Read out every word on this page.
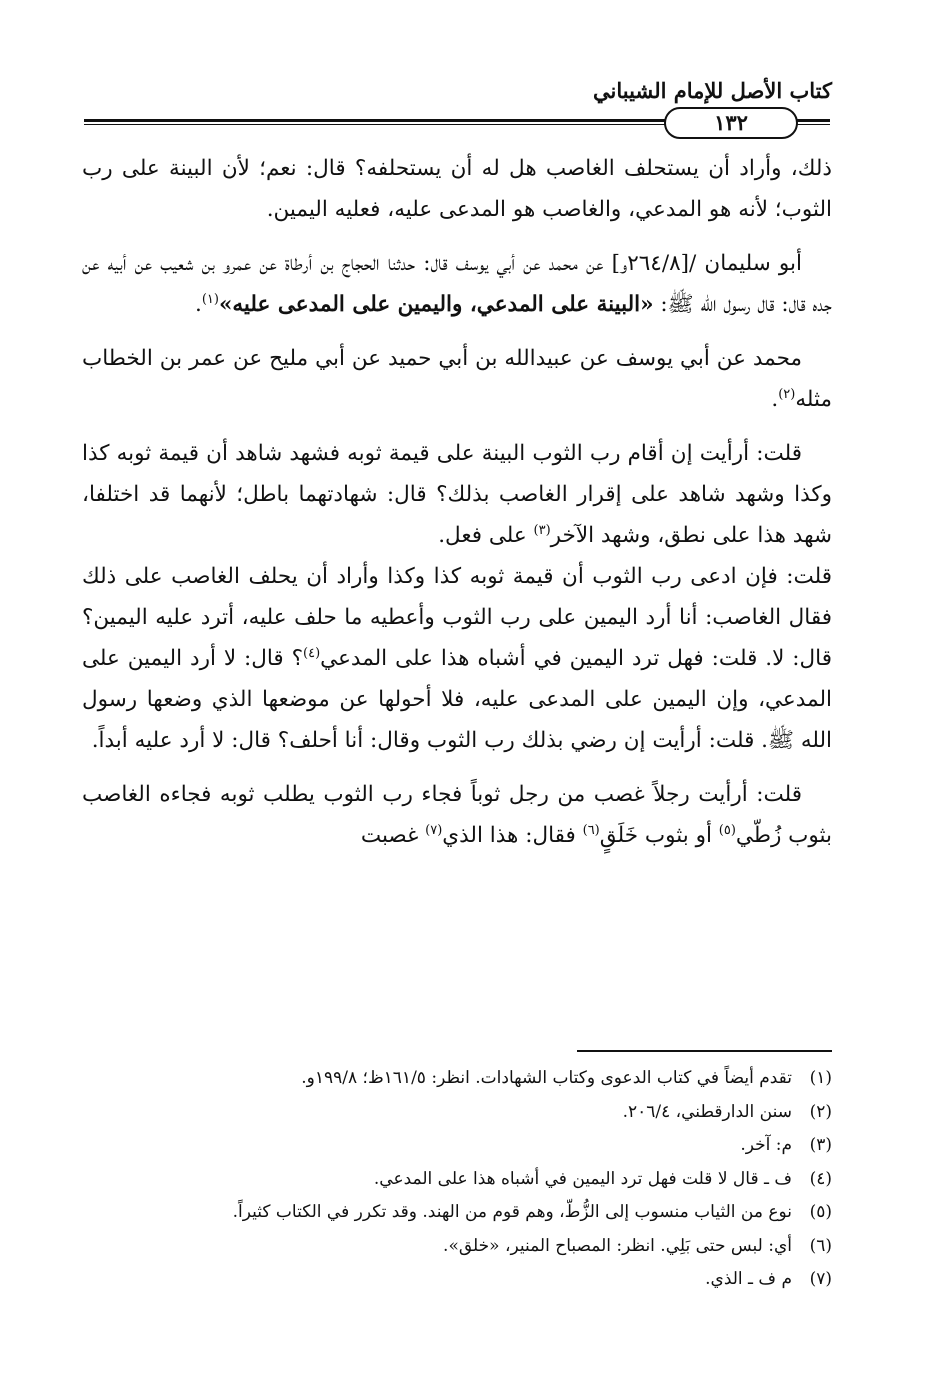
كتاب الأصل للإمام الشيباني
١٣٢

ذلك، وأراد أن يستحلف الغاصب هل له أن يستحلفه؟ قال: نعم؛ لأن البينة على رب الثوب؛ لأنه هو المدعي، والغاصب هو المدعى عليه، فعليه اليمين.

أبو سليمان /[٢٦٤/٨و] عن محمد عن أبي يوسف قال: حدثنا الحجاج بن أرطاة عن عمرو بن شعيب عن أبيه عن جده قال: قال رسول الله ﷺ: «البينة على المدعي، واليمين على المدعى عليه»$^{(١)}$.

محمد عن أبي يوسف عن عبيدالله بن أبي حميد عن أبي مليح عن عمر بن الخطاب مثله$^{(٢)}$.

قلت: أرأيت إن أقام رب الثوب البينة على قيمة ثوبه فشهد شاهد أن قيمة ثوبه كذا وكذا وشهد شاهد على إقرار الغاصب بذلك؟ قال: شهادتهما باطل؛ لأنهما قد اختلفا، شهد هذا على نطق، وشهد الآخر$^{(٣)}$ على فعل.

قلت: فإن ادعى رب الثوب أن قيمة ثوبه كذا وكذا وأراد أن يحلف الغاصب على ذلك فقال الغاصب: أنا أرد اليمين على رب الثوب وأعطيه ما حلف عليه، أترد عليه اليمين؟ قال: لا. قلت: فهل ترد اليمين في أشباه هذا على المدعي$^{(٤)}$؟ قال: لا أرد اليمين على المدعي، وإن اليمين على المدعى عليه، فلا أحولها عن موضعها الذي وضعها رسول الله ﷺ. قلت: أرأيت إن رضي بذلك رب الثوب وقال: أنا أحلف؟ قال: لا أرد عليه أبداً.

قلت: أرأيت رجلاً غصب من رجل ثوباً فجاء رب الثوب يطلب ثوبه فجاءه الغاصب بثوب زُطّي$^{(٥)}$ أو بثوب خَلَقٍ$^{(٦)}$ فقال: هذا الذي$^{(٧)}$ غصبت

(١)تقدم أيضاً في كتاب الدعوى وكتاب الشهادات. انظر: ١٦١/٥ظ؛ ١٩٩/٨و.
(٢)سنن الدارقطني، ٢٠٦/٤.
(٣)م: آخر.
(٤)ف ـ قال لا قلت فهل ترد اليمين في أشباه هذا على المدعي.
(٥)نوع من الثياب منسوب إلى الزُّطّ، وهم قوم من الهند. وقد تكرر في الكتاب كثيراً.
(٦)أي: لبس حتى بَلِي. انظر: المصباح المنير، «خلق».
(٧)م ف ـ الذي.
